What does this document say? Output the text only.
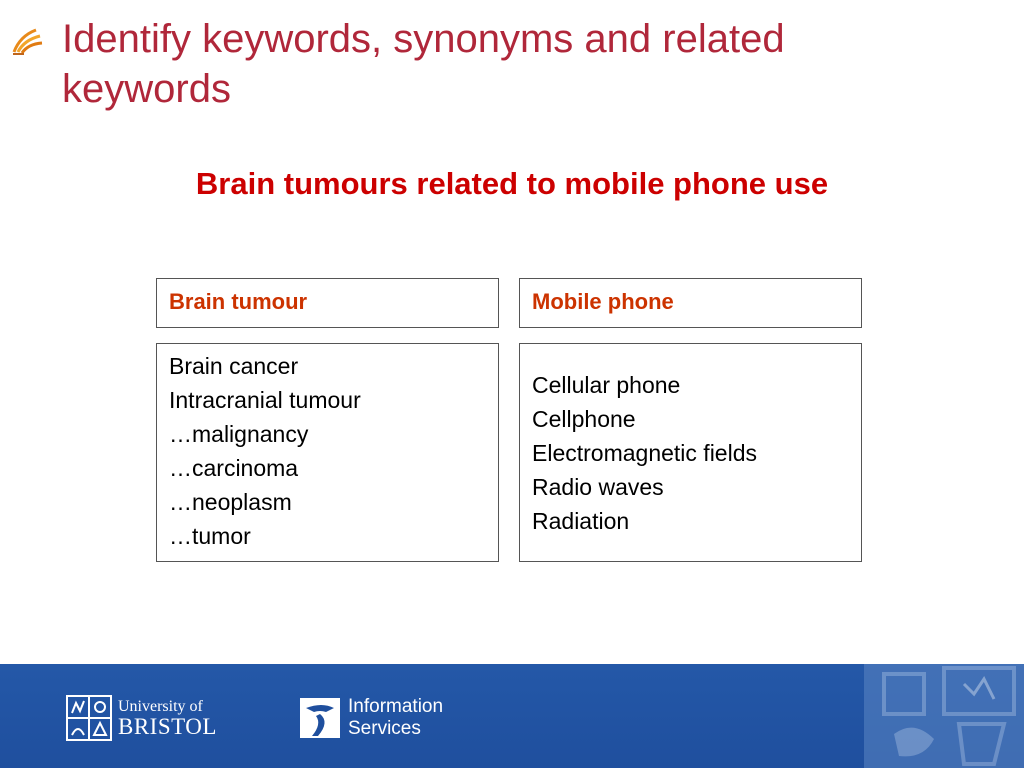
Identify keywords, synonyms and related keywords
Brain tumours related to mobile phone use
Brain tumour	Mobile phone
Brain cancer
Intracranial tumour
…malignancy
…carcinoma
…neoplasm
…tumor
Cellular phone
Cellphone
Electromagnetic fields
Radio waves
Radiation
University of
BRISTOL
Information
Services
